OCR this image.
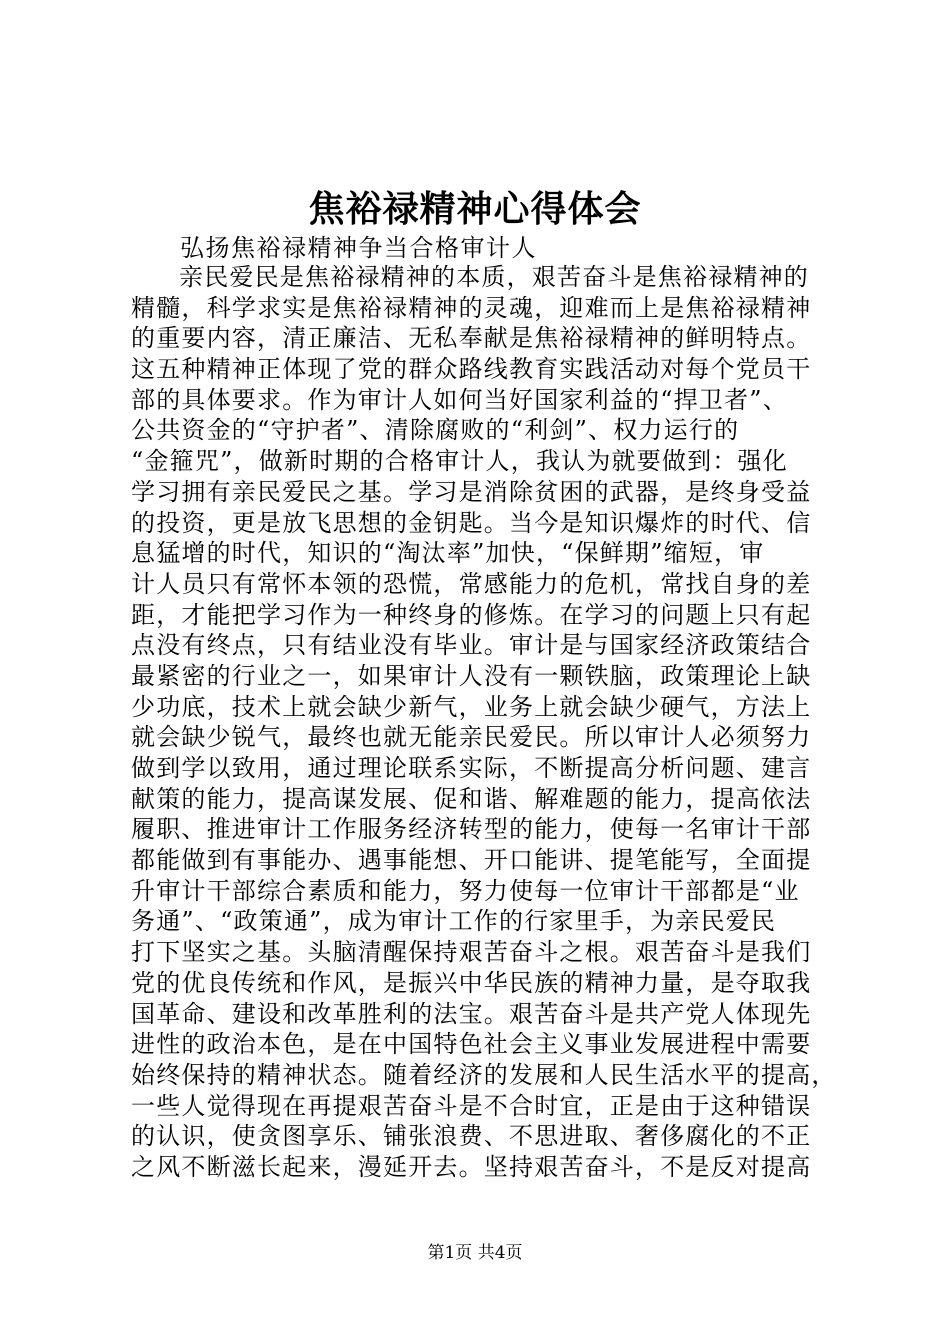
焦裕禄精神心得体会
弘扬焦裕禄精神争当合格审计人
亲民爱民是焦裕禄精神的本质，艰苦奋斗是焦裕禄精神的
精髓，科学求实是焦裕禄精神的灵魂，迎难而上是焦裕禄精神
的重要内容，清正廉洁、无私奉献是焦裕禄精神的鲜明特点。
这五种精神正体现了党的群众路线教育实践活动对每个党员干
部的具体要求。作为审计人如何当好国家利益的“捍卫者”、
公共资金的“守护者”、清除腐败的“利剑”、权力运行的
“金箍咒”，做新时期的合格审计人，我认为就要做到：强化
学习拥有亲民爱民之基。学习是消除贫困的武器，是终身受益
的投资，更是放飞思想的金钥匙。当今是知识爆炸的时代、信
息猛增的时代，知识的“淘汰率”加快，“保鲜期”缩短，审
计人员只有常怀本领的恐慌，常感能力的危机，常找自身的差
距，才能把学习作为一种终身的修炼。在学习的问题上只有起
点没有终点，只有结业没有毕业。审计是与国家经济政策结合
最紧密的行业之一，如果审计人没有一颗铁脑，政策理论上缺
少功底，技术上就会缺少新气，业务上就会缺少硬气，方法上
就会缺少锐气，最终也就无能亲民爱民。所以审计人必须努力
做到学以致用，通过理论联系实际，不断提高分析问题、建言
献策的能力，提高谋发展、促和谐、解难题的能力，提高依法
履职、推进审计工作服务经济转型的能力，使每一名审计干部
都能做到有事能办、遇事能想、开口能讲、提笔能写，全面提
升审计干部综合素质和能力，努力使每一位审计干部都是“业
务通”、“政策通”，成为审计工作的行家里手，为亲民爱民
打下坚实之基。头脑清醒保持艰苦奋斗之根。艰苦奋斗是我们
党的优良传统和作风，是振兴中华民族的精神力量，是夺取我
国革命、建设和改革胜利的法宝。艰苦奋斗是共产党人体现先
进性的政治本色，是在中国特色社会主义事业发展进程中需要
始终保持的精神状态。随着经济的发展和人民生活水平的提高，
一些人觉得现在再提艰苦奋斗是不合时宜，正是由于这种错误
的认识，使贪图享乐、铺张浪费、不思进取、奢侈腐化的不正
之风不断滋长起来，漫延开去。坚持艰苦奋斗，不是反对提高
第1页 共4页
